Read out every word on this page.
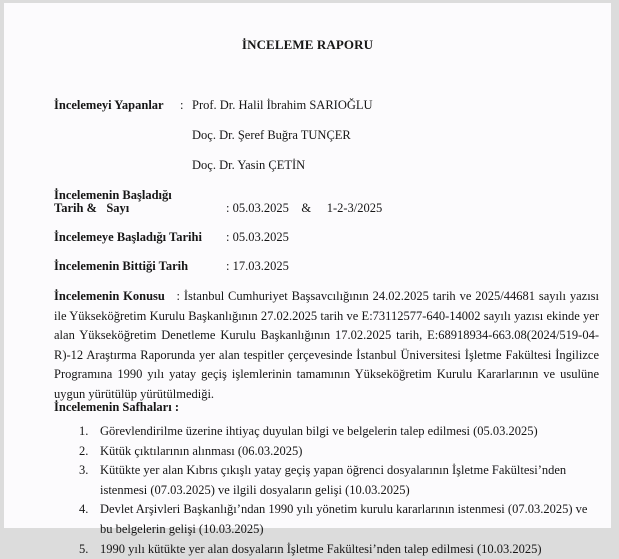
İNCELEME RAPORU
İncelemeyi Yapanlar : Prof. Dr. Halil İbrahim SARIOĞLU
Doç. Dr. Şeref Buğra TUNÇER
Doç. Dr. Yasin ÇETİN
İncelemenin Başladığı
Tarih &   Sayı	: 05.03.2025    &     1-2-3/2025
İncelemeye Başladığı Tarihi : 05.03.2025
İncelemenin Bittiği Tarih	: 17.03.2025
İncelemenin Konusu : İstanbul Cumhuriyet Başsavcılığının 24.02.2025 tarih ve 2025/44681 sayılı yazısı ile Yükseköğretim Kurulu Başkanlığının 27.02.2025 tarih ve E:73112577-640-14002 sayılı yazısı ekinde yer alan Yükseköğretim Denetleme Kurulu Başkanlığının 17.02.2025 tarih, E:68918934-663.08(2024/519-04-R)-12 Araştırma Raporunda yer alan tespitler çerçevesinde İstanbul Üniversitesi İşletme Fakültesi İngilizce Programına 1990 yılı yatay geçiş işlemlerinin tamamının Yükseköğretim Kurulu Kararlarının ve usulüne uygun yürütülüp yürütülmediği.
İncelemenin Safhaları :
1. Görevlendirilme üzerine ihtiyaç duyulan bilgi ve belgelerin talep edilmesi (05.03.2025)
2. Kütük çıktılarının alınması (06.03.2025)
3. Kütükte yer alan Kıbrıs çıkışlı yatay geçiş yapan öğrenci dosyalarının İşletme Fakültesi’nden istenmesi (07.03.2025) ve ilgili dosyaların gelişi (10.03.2025)
4. Devlet Arşivleri Başkanlığı’ndan 1990 yılı yönetim kurulu kararlarının istenmesi (07.03.2025) ve bu belgelerin gelişi (10.03.2025)
5. 1990 yılı kütükte yer alan dosyaların İşletme Fakültesi’nden talep edilmesi (10.03.2025)
